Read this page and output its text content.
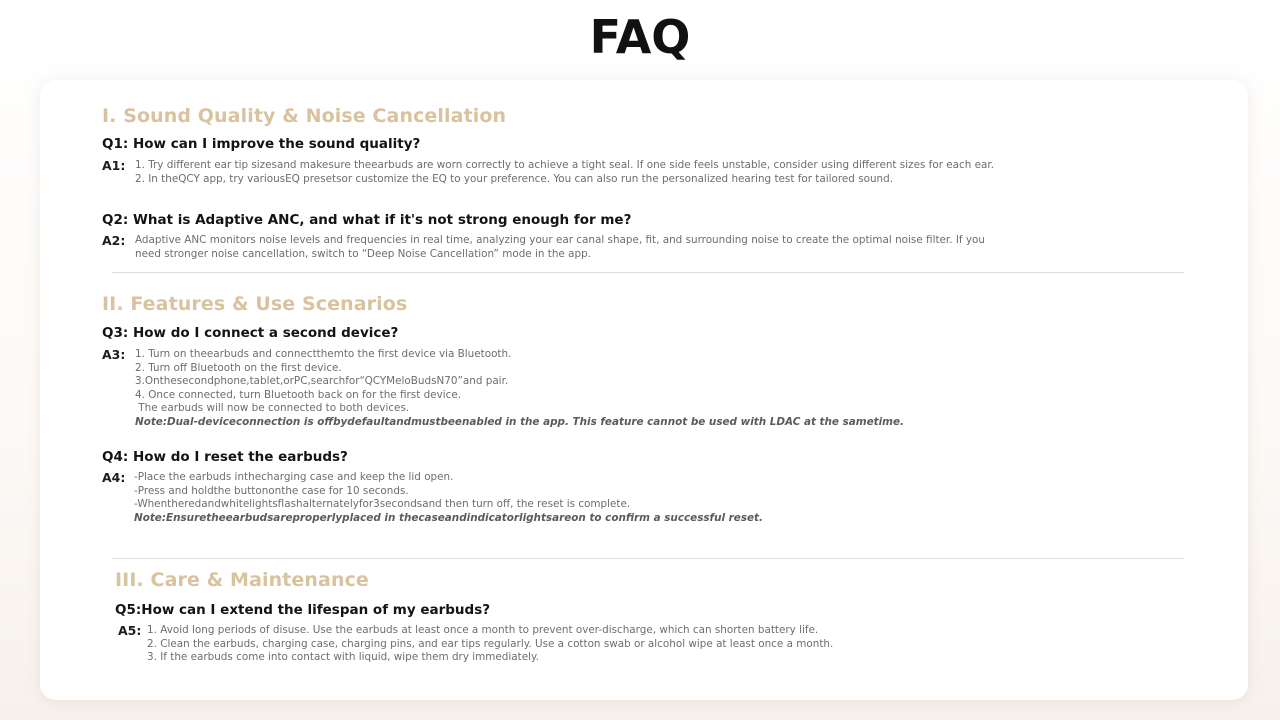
FAQ
I. Sound Quality & Noise Cancellation
Q1: How can I improve the sound quality?
A1: 1. Try different ear tip sizesand makesure theearbuds are worn correctly to achieve a tight seal. If one side feels unstable, consider using different sizes for each ear.
2. In theQCY app, try variousEQ presetsor customize the EQ to your preference. You can also run the personalized hearing test for tailored sound.
Q2: What is Adaptive ANC, and what if it's not strong enough for me?
A2: Adaptive ANC monitors noise levels and frequencies in real time, analyzing your ear canal shape, fit, and surrounding noise to create the optimal noise filter. If you
need stronger noise cancellation, switch to “Deep Noise Cancellation” mode in the app.
II. Features & Use Scenarios
Q3: How do I connect a second device?
A3: 1. Turn on theearbuds and connectthemto the first device via Bluetooth.
2. Turn off Bluetooth on the first device.
3.Onthesecondphone,tablet,orPC,searchfor“QCYMeloBudsN70”and pair.
4. Once connected, turn Bluetooth back on for the first device.
The earbuds will now be connected to both devices.
Note:Dual-deviceconnection is offbydefaultandmustbeenabled in the app. This feature cannot be used with LDAC at the sametime.
Q4: How do I reset the earbuds?
A4: -Place the earbuds inthecharging case and keep the lid open.
-Press and holdthe buttononthe case for 10 seconds.
-Whentheredandwhitelightsflashalternatelyfor3secondsand then turn off, the reset is complete.
Note:Ensuretheearbudsareproperlyplaced in thecaseandindicatorlightsareon to confirm a successful reset.
III. Care & Maintenance
Q5:How can I extend the lifespan of my earbuds?
A5: 1. Avoid long periods of disuse. Use the earbuds at least once a month to prevent over-discharge, which can shorten battery life.
2. Clean the earbuds, charging case, charging pins, and ear tips regularly. Use a cotton swab or alcohol wipe at least once a month.
3. If the earbuds come into contact with liquid, wipe them dry immediately.
